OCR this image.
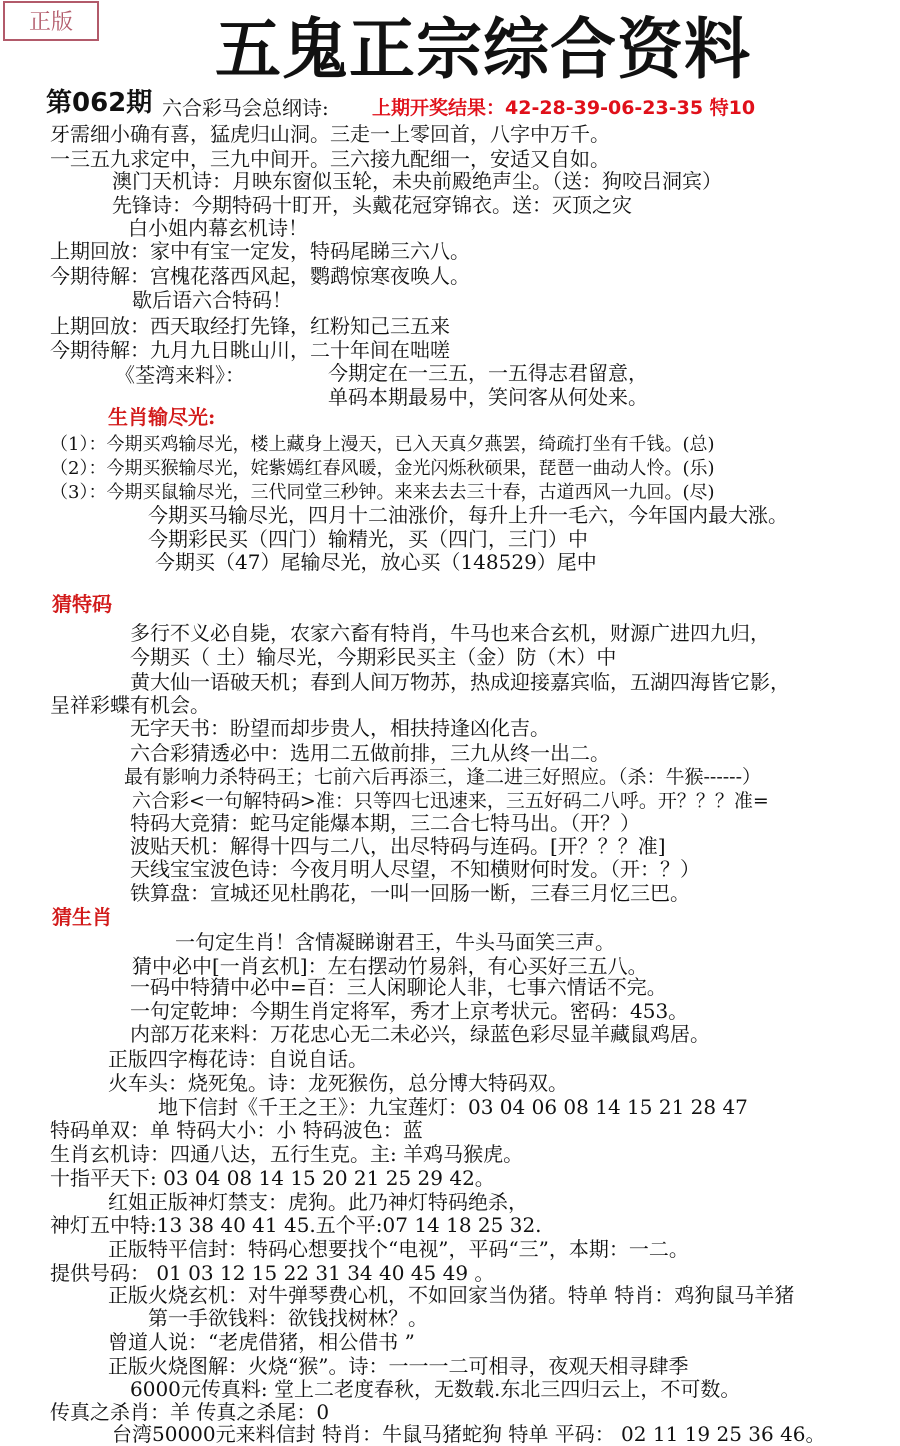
正版	五鬼正宗综合资料
第062期	上期开奖结果：42-28-39-06-23-35 特10
六合彩马会总纲诗:
牙需细小确有喜，猛虎归山洞。三走一上零回首，八字中万千。
一三五九求定中，三九中间开。三六接九配细一，安适又自如。
澳门天机诗：月映东窗似玉轮，未央前殿绝声尘。（送：狗咬吕洞宾）
先锋诗：今期特码十盯开，头戴花冠穿锦衣。送：灭顶之灾
白小姐内幕玄机诗！
上期回放：家中有宝一定发，特码尾睇三六八。
今期待解：宫槐花落西风起，鹦鹉惊寒夜唤人。
歇后语六合特码！
上期回放：西天取经打先锋，红粉知己三五来
今期待解：九月九日眺山川，二十年间在咄嗟
《荃湾来料》：	今期定在一三五，一五得志君留意，
单码本期最易中，笑问客从何处来。
生肖输尽光:
（1）：今期买鸡输尽光，楼上藏身上漫天，已入天真夕燕罢，绮疏打坐有千钱。(总)
（2）：今期买猴输尽光，姹紫嫣红春风暖，金光闪烁秋硕果，琵琶一曲动人怜。(乐)
（3）：今期买鼠输尽光，三代同堂三秒钟。来来去去三十春，古道西风一九回。(尽)
今期买马输尽光，四月十二油涨价，每升上升一毛六，今年国内最大涨。
今期彩民买（四门）输精光，买（四门，三门）中
今期买（47）尾输尽光，放心买（148529）尾中
猜特码
多行不义必自毙，农家六畜有特肖，牛马也来合玄机，财源广进四九归，
今期买（ 土）输尽光，今期彩民买主（金）防（木）中
黄大仙一语破天机；春到人间万物苏，热成迎接嘉宾临，五湖四海皆它影，
呈祥彩蝶有机会。
无字天书：盼望而却步贵人，相扶持逢凶化吉。
六合彩猜透必中：选用二五做前排，三九从终一出二。
最有影响力杀特码王；七前六后再添三，逢二进三好照应。（杀：牛猴------）
六合彩<一句解特码>准：只等四七迅速来，三五好码二八呼。开？？？准=
特码大竞猜：蛇马定能爆本期，三二合七特马出。（开？）
波贴天机：解得十四与二八，出尽特码与连码。[开？？？准]
天线宝宝波色诗：今夜月明人尽望，不知横财何时发。（开：？）
铁算盘：宣城还见杜鹃花，一叫一回肠一断，三春三月忆三巴。
猜生肖
一句定生肖！含情凝睇谢君王，牛头马面笑三声。
猜中必中[一肖玄机]：左右摆动竹易斜，有心买好三五八。
一码中特猜中必中=百：三人闲聊论人非，七事六情话不完。
一句定乾坤：今期生肖定将军，秀才上京考状元。密码：453。
内部万花来料：万花忠心无二未必兴，绿蓝色彩尽显羊藏鼠鸡居。
正版四字梅花诗：自说自话。
火车头：烧死兔。诗：龙死猴伤，总分博大特码双。
地下信封《千王之王》：九宝莲灯：03 04 06 08 14 15 21 28 47
特码单双：单 特码大小：小 特码波色：蓝
生肖玄机诗：四通八达，五行生克。主: 羊鸡马猴虎。
十指平天下: 03 04 08 14 15 20 21 25 29 42。
红姐正版神灯禁支：虎狗。此乃神灯特码绝杀，
神灯五中特:13 38 40 41 45.五个平:07 14 18 25 32.
正版特平信封：特码心想要找个“电视”，平码“三”，本期：一二。
提供号码： 01 03 12 15 22 31 34 40 45 49 。
正版火烧玄机：对牛弹琴费心机，不如回家当伪猪。特单 特肖：鸡狗鼠马羊猪
第一手欲钱料：欲钱找树林？。
曾道人说：“老虎借猪，相公借书 ”
正版火烧图解：火烧“猴”。诗：一一一二可相寻，夜观天相寻肆季
6000元传真料: 堂上二老度春秋，无数载.东北三四归云上，不可数。
传真之杀肖：羊 传真之杀尾：0
台湾50000元来料信封 特肖：牛鼠马猪蛇狗 特单 平码： 02 11 19 25 36 46。
